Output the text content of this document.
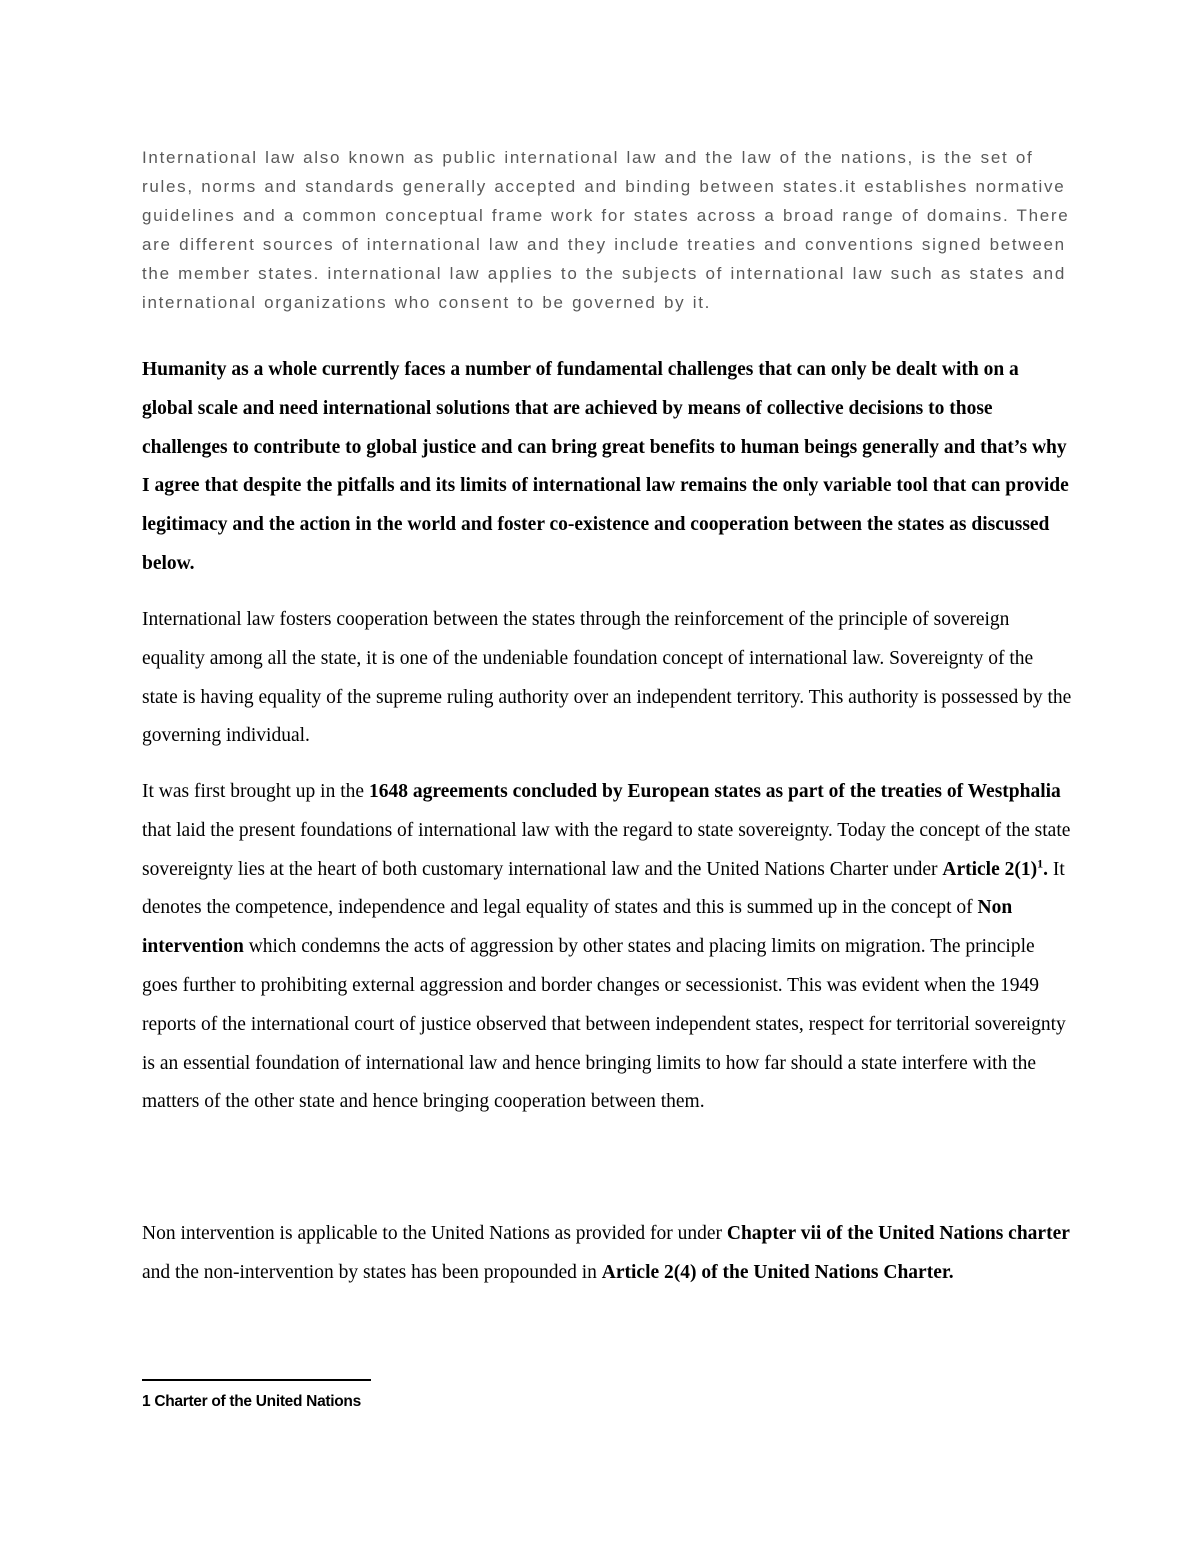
International law also known as public international law and the law of the nations, is the set of rules, norms and standards generally accepted and binding between states.it establishes normative guidelines and a common conceptual frame work for states across a broad range of domains. There are different sources of international law and they include treaties and conventions signed between the member states. international law applies to the subjects of international law such as states and international organizations who consent to be governed by it.

Humanity as a whole currently faces a number of fundamental challenges that can only be dealt with on a global scale and need international solutions that are achieved by means of collective decisions to those challenges to contribute to global justice and can bring great benefits to human beings generally and that’s why I agree that despite the pitfalls and its limits of international law remains the only variable tool that can provide legitimacy and the action in the world and foster co-existence and cooperation between the states as discussed below.

International law fosters cooperation between the states through the reinforcement of the principle of sovereign equality among all the state, it is one of the undeniable foundation concept of international law. Sovereignty of the state is having equality of the supreme ruling authority over an independent territory. This authority is possessed by the governing individual.

It was first brought up in the 1648 agreements concluded by European states as part of the treaties of Westphalia that laid the present foundations of international law with the regard to state sovereignty. Today the concept of the state sovereignty lies at the heart of both customary international law and the United Nations Charter under Article 2(1)$^1$. It denotes the competence, independence and legal equality of states and this is summed up in the concept of Non intervention which condemns the acts of aggression by other states and placing limits on migration. The principle goes further to prohibiting external aggression and border changes or secessionist. This was evident when the 1949 reports of the international court of justice observed that between independent states, respect for territorial sovereignty is an essential foundation of international law and hence bringing limits to how far should a state interfere with the matters of the other state and hence bringing cooperation between them.

Non intervention is applicable to the United Nations as provided for under Chapter vii of the United Nations charter and the non-intervention by states has been propounded in Article 2(4) of the United Nations Charter.

1 Charter of the United Nations
